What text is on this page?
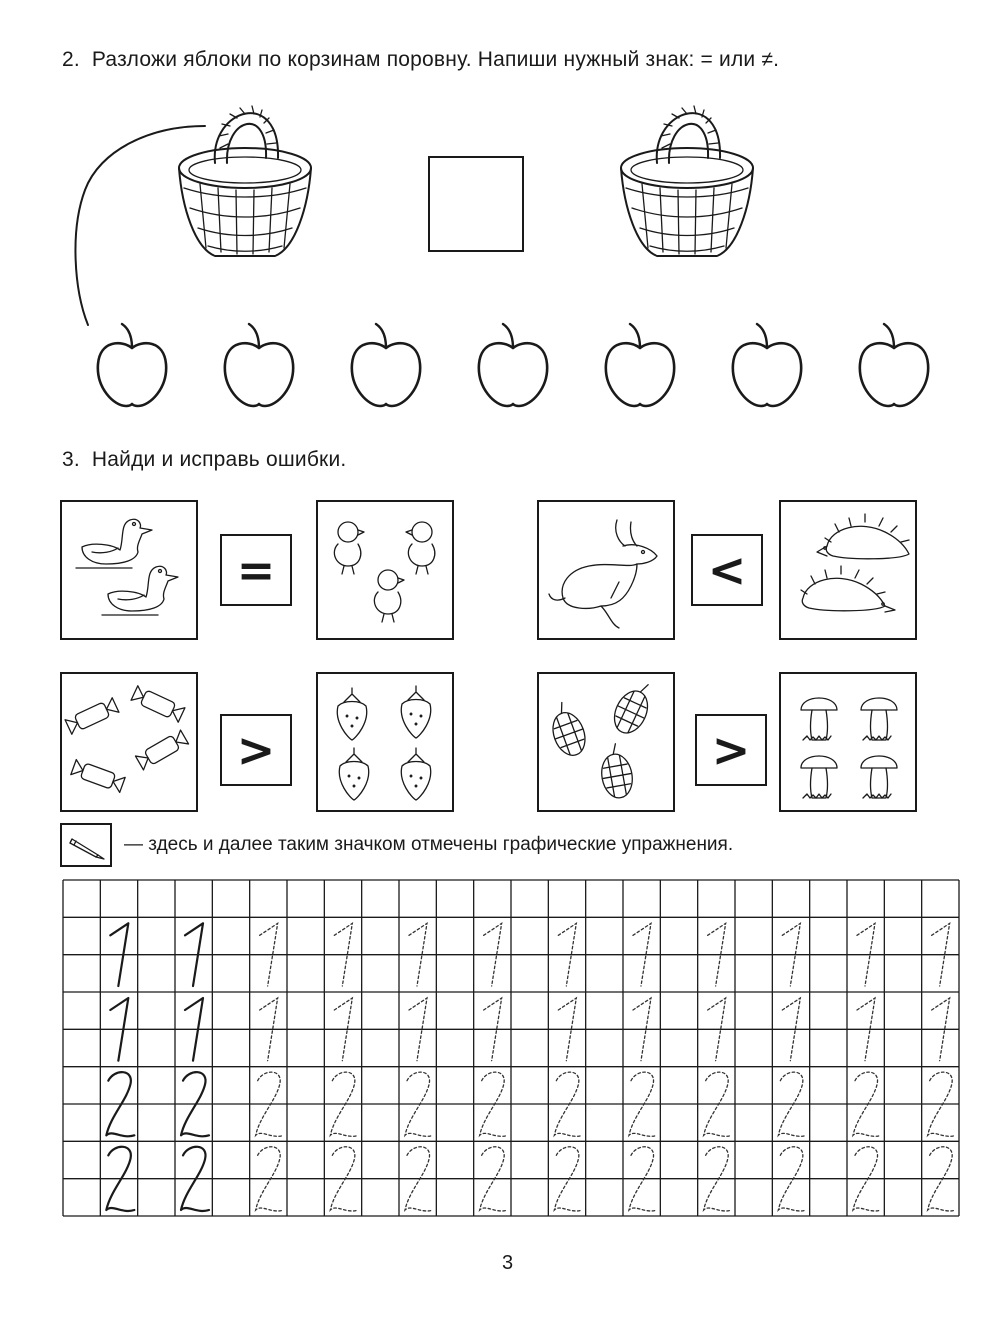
2. Разложи яблоки по корзинам поровну. Напиши нужный знак: = или ≠.
3. Найди и исправь ошибки.
=	<
>	>
— здесь и далее таким значком отмечены графические упражнения.
3
